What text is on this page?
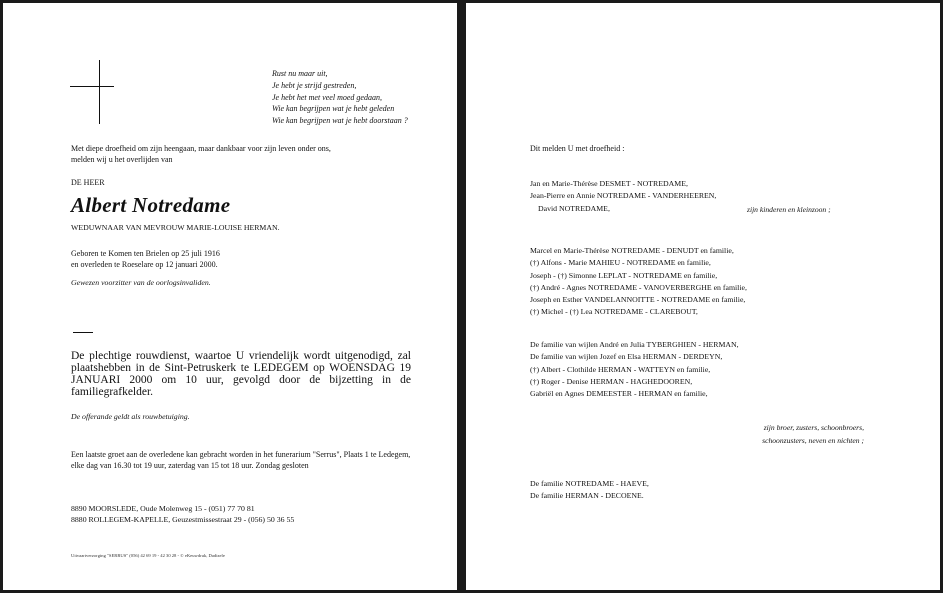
Rust nu maar uit,
Je hebt je strijd gestreden,
Je hebt het met veel moed gedaan,
Wie kan begrijpen wat je hebt geleden
Wie kan begrijpen wat je hebt doorstaan ?
Met diepe droefheid om zijn heengaan, maar dankbaar voor zijn leven onder ons,
melden wij u het overlijden van
DE HEER
Albert Notredame
WEDUWNAAR VAN MEVROUW MARIE-LOUISE HERMAN.
Geboren te Komen ten Brielen op 25 juli 1916
en overleden te Roeselare op 12 januari 2000.
Gewezen voorzitter van de oorlogsinvaliden.
De plechtige rouwdienst, waartoe U vriendelijk wordt uitgenodigd, zal plaatshebben in de Sint-Petruskerk te LEDEGEM op WOENSDAG 19 JANUARI 2000 om 10 uur, gevolgd door de bijzetting in de familiegrafkelder.
De offerande geldt als rouwbetuiging.
Een laatste groet aan de overledene kan gebracht worden in het funerarium "Serrus", Plaats 1 te Ledegem, elke dag van 16.30 tot 19 uur, zaterdag van 15 tot 18 uur. Zondag gesloten
8890 MOORSLEDE, Oude Molenweg 15 - (051) 77 70 81
8880 ROLLEGEM-KAPELLE, Geuzestmissestraat 29 - (056) 50 36 55
Uitvaartverzorging "SERRUS" (056) 42 69 19 - 42 30 28 - © eKeuwdruk, Dadizele
Dit melden U met droefheid :
Jan en Marie-Thérèse DESMET - NOTREDAME,
Jean-Pierre en Annie NOTREDAME - VANDERHEEREN,
David NOTREDAME,	zijn kinderen en kleinzoon ;
Marcel en Marie-Thérèse NOTREDAME - DENUDT en familie,
(†) Alfons - Marie MAHIEU - NOTREDAME en familie,
Joseph - (†) Simonne LEPLAT - NOTREDAME en familie,
(†) André - Agnes NOTREDAME - VANOVERBERGHE en familie,
Joseph en Esther VANDELANNOITTE - NOTREDAME en familie,
(†) Michel - (†) Lea NOTREDAME - CLAREBOUT,
De familie van wijlen André en Julia TYBERGHIEN - HERMAN,
De familie van wijlen Jozef en Elsa HERMAN - DERDEYN,
(†) Albert - Clothilde HERMAN - WATTEYN en familie,
(†) Roger - Denise HERMAN - HAGHEDOOREN,
Gabriël en Agnes DEMEESTER - HERMAN en familie,
zijn broer, zusters, schoonbroers,
schoonzusters, neven en nichten ;
De familie NOTREDAME - HAEVE,
De familie HERMAN - DECOENE.
